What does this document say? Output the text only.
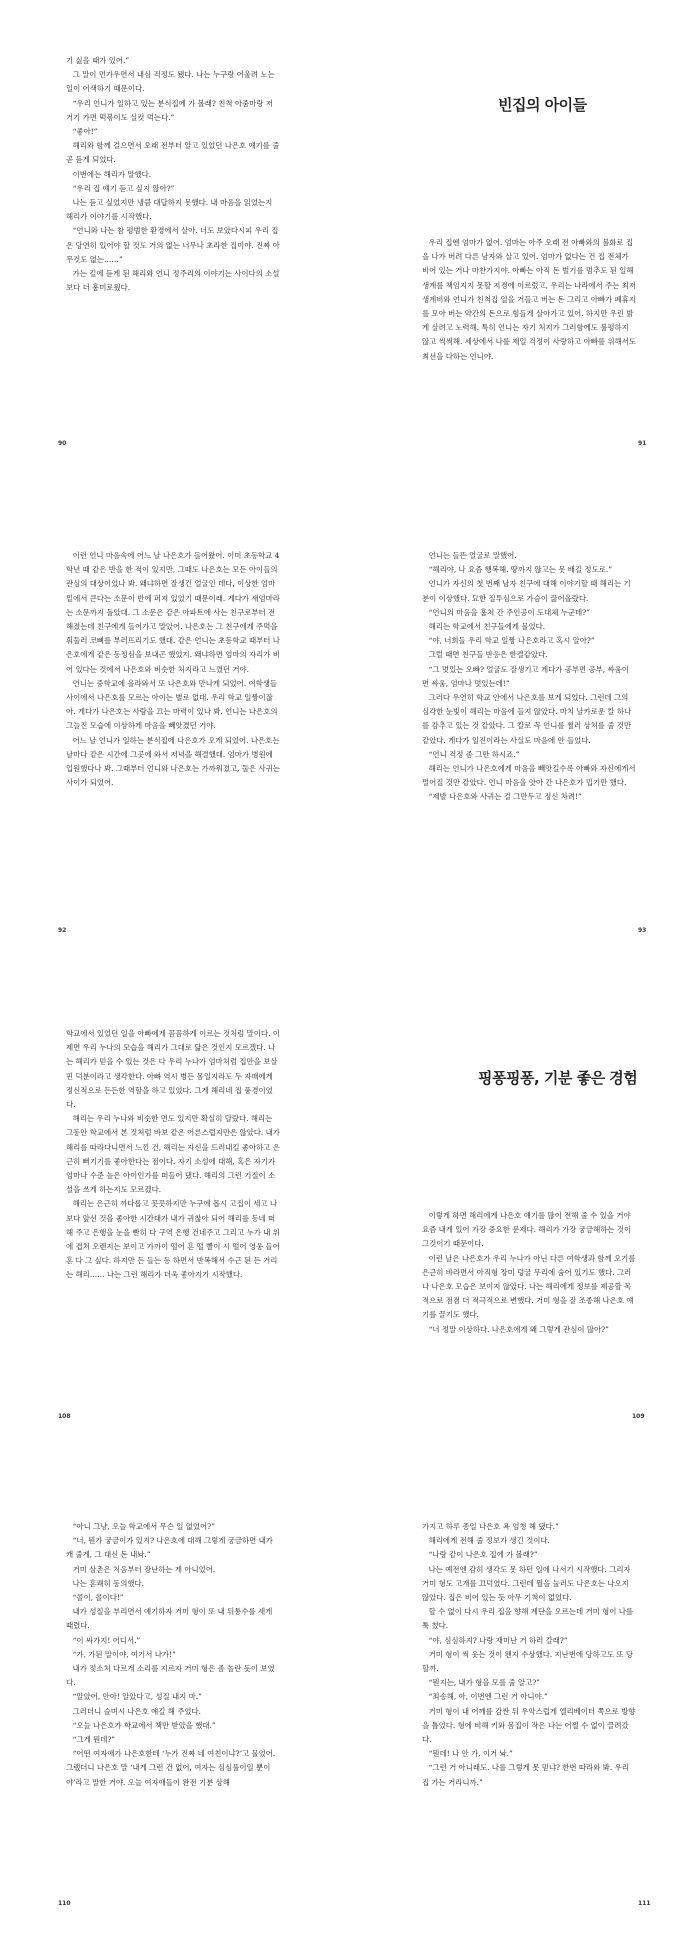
기 싫을 때가 있어.”

그 말이 먼가우면서 내심 걱정도 됐다. 나는 누구랑 어울려 노는 일이 어색하기 때문이다.

“우리 언니가 일하고 있는 분식집에 가 볼래? 친척 아줌마랑 저 거기 가면 떡볶이도 실컷 먹는다.”

“좋아!”

해리와 함께 걸으면서 오래 전부터 알고 있었던 나은호 얘기를 줄곧 듣게 되었다.

이번에는 해리가 말했다.

“우리 집 얘기 듣고 싶지 않아?”

나는 듣고 싶었지만 냉큼 대답하지 못했다. 내 마음을 읽었는지 해리가 이야기를 시작했다.

“언니와 나는 참 평범한 환경에서 살아. 너도 보았다시피 우리 집은 당연히 있어야 할 것도 거의 없는 너무나 초라한 집이야. 진짜 아무것도 없는……”

가는 길에 듣게 된 해리와 언니 정주리의 이야기는 사이다의 소설보다 더 흥미로웠다.

90
빈집의 아이들

우리 집엔 엄마가 없어. 엄마는 아주 오래 전 아빠와의 불화로 집을 나가 버려 다른 남자와 살고 있어. 엄마가 없다는 건 집 전체가 비어 있는 거나 마찬가지야. 아빠는 아직 돈 벌기를 멈추도 된 일해 생계를 책임지지 못할 지경에 이르렀고, 우리는 나라에서 주는 최저생계비와 언니가 친척집 일을 거들고 버는 돈 그리고 아빠가 폐휴지를 모아 버는 약간의 돈으로 힘들게 살아가고 있어. 하지만 우린 밝게 살려고 노력해. 특히 언니는 자기 처지가 그러함에도 불평하지 않고 씩씩해. 세상에서 나를 제일 걱정이 사랑하고 아빠를 위해서도 최선을 다하는 언니야.

91

이런 언니 마음속에 어느 날 나은호가 들어왔어. 이미 초등학교 4학년 때 같은 반을 한 적이 있지만, 그때도 나은호는 모든 아이들의 관심의 대상이었나 봐. 왜냐하면 잘생긴 얼굴인 데다, 이상한 엄마 밑에서 큰다는 소문이 반에 퍼져 있었기 때문이래. 게다가 새엄마라는 소문까지 돌았대. 그 소문은 같은 아파트에 사는 친구로부터 전해졌는데 친구에게 들어가고 말았어. 나은호는 그 친구에게 주먹을 휘둘러 코뼈를 부러뜨리기도 했대. 같은 언니는 초등학교 때부터 나은호에게 같은 동정심을 보내곤 했었지. 왜냐하면 엄마의 자리가 비어 있다는 것에서 나은호와 비슷한 처지라고 느꼈던 거야.

언니는 중학교에 올라와서 또 나은호와 만나게 되었어. 여학생들 사이에서 나은호를 모르는 아이는 별로 없대. 우리 학교 일짱이잖아. 게다가 나은호는 사람을 끄는 마력이 있나 봐. 언니는 나은호의 그늘진 모습에 이상하게 마음을 빼앗겼던 거야.

어느 날 언니가 일하는 분식집에 나은호가 오게 되었어. 나은호는 날마다 같은 시간에 그곳에 와서 저녁을 해결했대. 엄마가 병원에 입원했다나 봐. 그때부터 언니와 나은호는 가까워졌고, 둘은 사귀는 사이가 되었어.

92

언니는 들뜬 얼굴로 말했어.

“해리야, 나 요즘 행복해. 땅까지 않고는 못 배길 정도로.”

언니가 자신의 첫 번째 남자 친구에 대해 이야기할 때 해리는 기분이 이상했다. 묘한 질투심으로 가슴이 끓어올랐다.

“언니의 마음을 훔쳐 간 주인공이 도대체 누군데?”

해리는 학교에서 친구들에게 물었다.

“야, 너희들 우리 학교 일짱 나은호라고 혹시 알아?”

그럴 때면 친구들 반응은 한결같았다.

“그 멋있는 오빠? 얼굴도 잘생기고 게다가 공부면 공부, 싸움이면 싸움, 엄마나 멋있는데!”

그러다 우연히 학교 안에서 나은호를 보게 되었다. 그런데 그의 심각한 눈빛이 해리는 마음에 들지 않았다. 마치 날카로운 칼 하나를 감추고 있는 것 같았다. 그 칼로 꼭 언니를 찔러 상처를 줄 것만 같았다. 게다가 일진이라는 사실도 마음에 안 들었다.

“언니 걱정 좀 그만 하시죠.”

해리는 언니가 나은호에게 마음을 빼앗길수록 아빠와 자신에게서 멀어질 것만 같았다. 언니 마음을 앗아 간 나은호가 밉기만 했다.

“제발 나은호와 사귀는 걸 그만두고 정신 차려!”

93

학교에서 있었던 일을 아빠에게 꼼꼼하게 이르는 것처럼 말이다. 이제면 우리 누나의 모습을 해리가 그대로 닮은 것인지 모르겠다. 나는 해리가 믿을 수 있는 것은 다 우리 누나가 엄마처럼 집안을 보살핀 덕분이라고 생각한다. 아빠 역시 병든 몸일지라도 두 자매에게 정신적으로 든든한 역할을 하고 있었다. 그게 해리네 집 풍경이었다.

해리는 우리 누나와 비슷한 면도 있지만 확실히 달랐다. 해리는 그동안 학교에서 본 것처럼 바보 같은 어른스럽지만은 않았다. 내가 해리를 따라다니면서 느낀 건, 해리는 자신을 드러내길 좋아하고 은근히 뻐기기를 좋아한다는 점이다. 자기 소설에 대해, 혹은 자기가 엄마나 수준 높은 아이인가를 떠들어 댔다. 해리의 그런 기질이 소설을 쓰게 하는지도 모르겠다.

해리는 은근히 까다롭고 꼿꼿하지만 누구에 몹시 고집이 세고 나보다 앞선 것을 좋아한 시간대가 내가 귀찮아 되어 해리를 동네 떠 해 주고 은행을 눈을 빤히 다 구역 은행 건네주고 그리고 누가 내 위에 겹쳐 오렌지는 보이고 가까이 떨어 흔 떨 빨이 시 떨어 영웅 들어 흔 다 그 싶다. 하지만 든 들는 등 하면서 반복해서 수근 된 든 거리는 해리…… 나는 그런 해리가 더욱 좋아지기 시작했다.

108
핑퐁핑퐁, 기분 좋은 경험

이렇게 하면 해리에게 나은호 얘기를 많이 전해 줄 수 있을 거야 요즘 내게 있어 가장 중요한 문제다. 해리가 가장 궁금해하는 것이 그것이기 때문이다.

이런 날은 나은호가 우리 누나가 아닌 다른 여학생과 함께 오기를 은근히 바라면서 아직형 장미 덩굴 무리에 숨어 있기도 했다. 그러나 나은호 모습은 보이지 않았다. 나는 해리에게 정보를 제공할 목적으로 점점 더 적극적으로 변했다. 거미 형을 잘 조종해 나은호 얘기를 끌기도 했다.

“너 정말 이상하다. 나은호에게 왜 그렇게 관심이 많아?”

109

“아니 그냥, 오늘 학교에서 무슨 일 없었어?”

“너, 뭔가 궁금이가 있지? 나은호에 대해 그렇게 궁금하면 내가 캐 줄게, 그 대신 돈 내놔.”

거미 삼촌은 처음부터 장난하는 게 아니었어.

나는 흔쾌히 동의했다.

“콜이, 콜이다!”

내가 성질을 부리면서 얘기하자 거미 형이 또 내 뒤통수를 세게 때렸다.

“이 싸가지! 어디서.”

“가, 가된 말이야, 여기서 나가!”

내가 젖소처 다르게 소리를 지르자 거미 형은 좀 놀란 듯이 보였다.

“알았어, 안아! 알았다고, 성질 내지 마.”

그러더니 슬며시 나은호 얘길 해 주었다.

“오늘 나은호가 학교에서 책만 받았을 했대.”

“그게 뭔데?”

“어떤 여자애가 나은호한테 ‘누가 진짜 네 여친이냐?’고 물었어. 그랬더니 나은호 말 ‘내게 그런 건 없어, 여자는 심심풀이일 뿐이야’라고 말한 거야. 오늘 여자애들이 완전 기분 상해

110

가지고 하루 종일 나은호 욕 엄청 해 댔다.”

해리에게 전해 줄 정보가 생긴 것이다.

“나랑 같이 나은호 집에 가 볼래?”

나는 예전엔 감히 생각도 못 하던 일에 나서기 시작했다. 그리자 거미 형도 고개를 끄덕였다. 그런데 뭘을 눌러도 나은호는 나오지 않았다. 집은 비어 있는 듯 아무 기척이 없었다.

할 수 없이 다시 우리 집을 향해 계단을 오르는데 거미 형이 나를 툭 쳤다.

“야, 심심하지? 나랑 재미난 거 하러 갈래?”

거미 형이 씩 웃는 것이 왠지 수상했다. 지난번에 당하고도 또 당할까.

“뭔지는, 내가 형을 모를 줄 알고?”

“죄송해, 아, 이번엔 그런 거 아니야.”

거미 형이 내 어깨를 감싼 뒤 우악스럽게 엘리베이터 쪽으로 방향을 틀었다. 형에 비해 키와 몸집이 작은 나는 어쩔 수 없이 끌려갔다.

“뭔데! 나 안 가, 이거 놔.”

“그런 거 아니래도. 나를 그렇게 못 믿냐? 한번 따라와 봐. 우리 집 가는 거라니까.”

111
